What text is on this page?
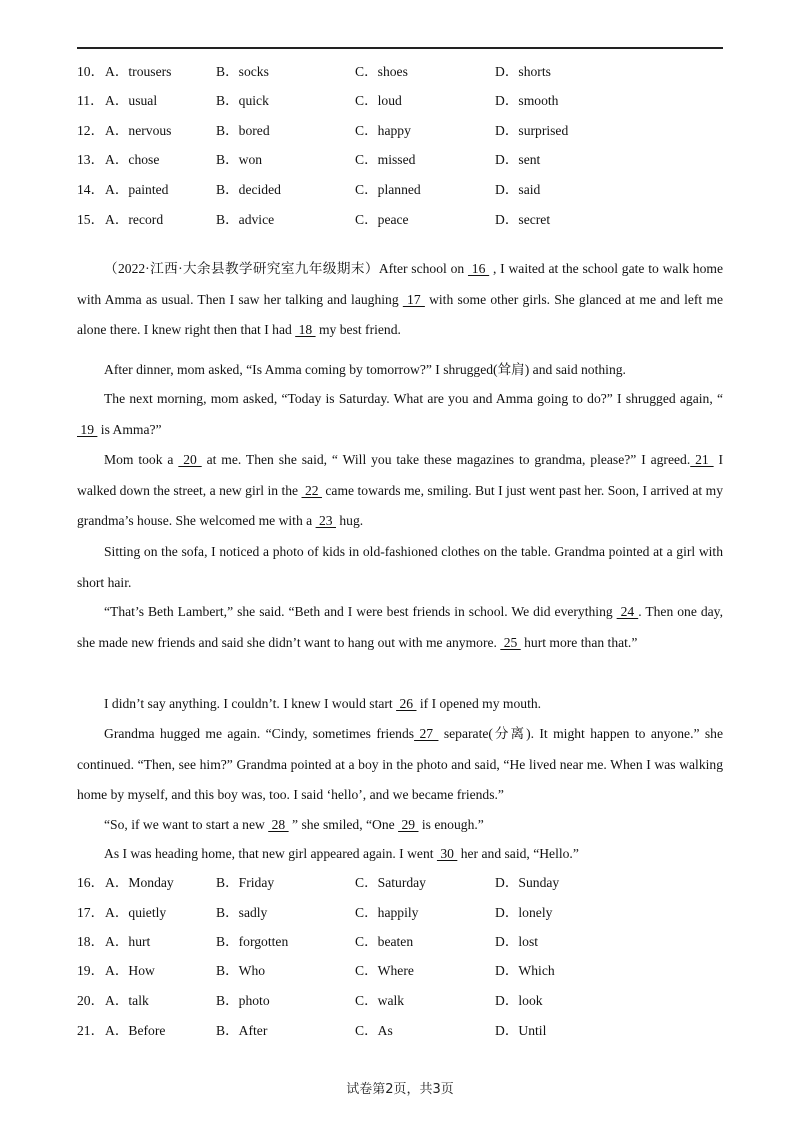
10． A．trousers	B．socks	C．shoes	D．shorts
11． A．usual	B．quick	C．loud	D．smooth
12． A．nervous	B．bored	C．happy	D．surprised
13． A．chose	B．won	C．missed	D．sent
14． A．painted	B．decided	C．planned	D．said
15． A．record	B．advice	C．peace	D．secret

（2022·江西·大余县教学研究室九年级期末）After school on  16  , I waited at the school gate to walk home with Amma as usual. Then I saw her talking and laughing  17  with some other girls. She glanced at me and left me alone there. I knew right then that I had  18  my best friend.

After dinner, mom asked, “Is Amma coming by tomorrow?” I shrugged(耸肩) and said nothing.

The next morning, mom asked, “Today is Saturday. What are you and Amma going to do?” I shrugged again, “  19  is Amma?”

Mom took a  20  at me. Then she said, “ Will you take these magazines to grandma, please?” I agreed. 21  I walked down the street, a new girl in the  22  came towards me, smiling. But I just went past her. Soon, I arrived at my grandma’s house. She welcomed me with a  23  hug.

Sitting on the sofa, I noticed a photo of kids in old-fashioned clothes on the table. Grandma pointed at a girl with short hair.

“That’s Beth Lambert,” she said. “Beth and I were best friends in school. We did everything  24 . Then one day, she made new friends and said she didn’t want to hang out with me anymore.  25  hurt more than that.”

I didn’t say anything. I couldn’t. I knew I would start  26  if I opened my mouth.

Grandma hugged me again. “Cindy, sometimes friends 27  separate(分离). It might happen to anyone.” she continued. “Then, see him?” Grandma pointed at a boy in the photo and said, “He lived near me. When I was walking home by myself, and this boy was, too. I said ‘hello’, and we became friends.”

“So, if we want to start a new  28  ” she smiled, “One  29  is enough.”

As I was heading home, that new girl appeared again. I went  30  her and said, “Hello.”

16． A．Monday	B．Friday	C．Saturday	D．Sunday
17． A．quietly	B．sadly	C．happily	D．lonely
18． A．hurt	B．forgotten	C．beaten	D．lost
19． A．How	B．Who	C．Where	D．Which
20． A．talk	B．photo	C．walk	D．look
21． A．Before	B．After	C．As	D．Until
试卷第2页，共3页
